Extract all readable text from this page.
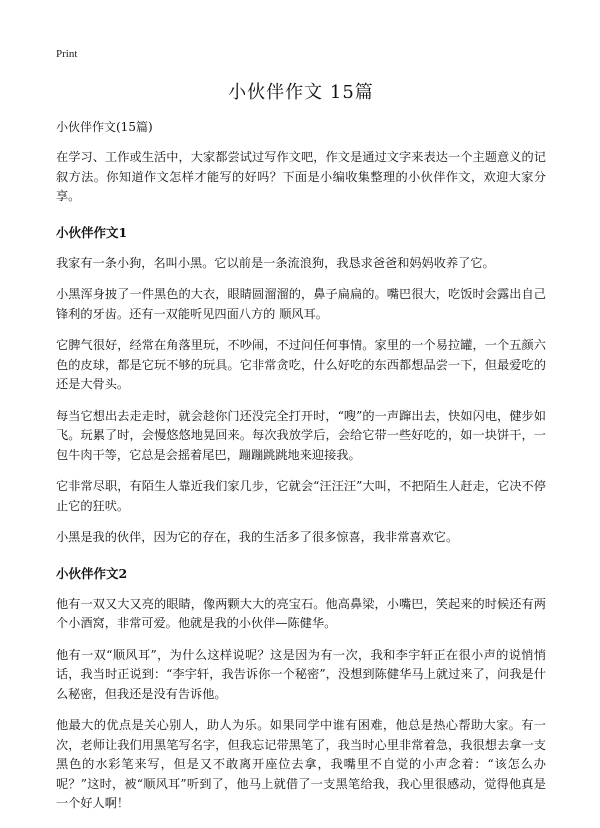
Print
小伙伴作文 15篇
小伙伴作文(15篇)

在学习、工作或生活中，大家都尝试过写作文吧，作文是通过文字来表达一个主题意义的记叙方法。你知道作文怎样才能写的好吗？下面是小编收集整理的小伙伴作文，欢迎大家分享。

小伙伴作文1

我家有一条小狗，名叫小黑。它以前是一条流浪狗，我恳求爸爸和妈妈收养了它。

小黑浑身披了一件黑色的大衣，眼睛圆溜溜的，鼻子扁扁的。嘴巴很大，吃饭时会露出自己锋利的牙齿。还有一双能听见四面八方的 顺风耳。

它脾气很好，经常在角落里玩，不吵闹，不过问任何事情。家里的一个易拉罐，一个五颜六色的皮球，都是它玩不够的玩具。它非常贪吃，什么好吃的东西都想品尝一下，但最爱吃的还是大骨头。

每当它想出去走走时，就会趁你门还没完全打开时，“嗖”的一声蹿出去，快如闪电，健步如飞。玩累了时，会慢悠悠地晃回来。每次我放学后，会给它带一些好吃的，如一块饼干，一包牛肉干等，它总是会摇着尾巴，蹦蹦跳跳地来迎接我。

它非常尽职，有陌生人靠近我们家几步，它就会“汪汪汪”大叫，不把陌生人赶走，它决不停止它的狂吠。

小黑是我的伙伴，因为它的存在，我的生活多了很多惊喜，我非常喜欢它。

小伙伴作文2

他有一双又大又亮的眼睛，像两颗大大的亮宝石。他高鼻梁，小嘴巴，笑起来的时候还有两个小酒窝，非常可爱。他就是我的小伙伴—陈健华。

他有一双“顺风耳”，为什么这样说呢？这是因为有一次，我和李宇轩正在很小声的说悄悄话，我当时正说到：“李宇轩，我告诉你一个秘密”，没想到陈健华马上就过来了，问我是什么秘密，但我还是没有告诉他。

他最大的优点是关心别人，助人为乐。如果同学中谁有困难，他总是热心帮助大家。有一次，老师让我们用黑笔写名字，但我忘记带黑笔了，我当时心里非常着急，我很想去拿一支黑色的水彩笔来写，但是又不敢离开座位去拿，我嘴里不自觉的小声念着：“该怎么办呢？”这时，被“顺风耳”听到了，他马上就借了一支黑笔给我，我心里很感动，觉得他真是一个好人啊！
